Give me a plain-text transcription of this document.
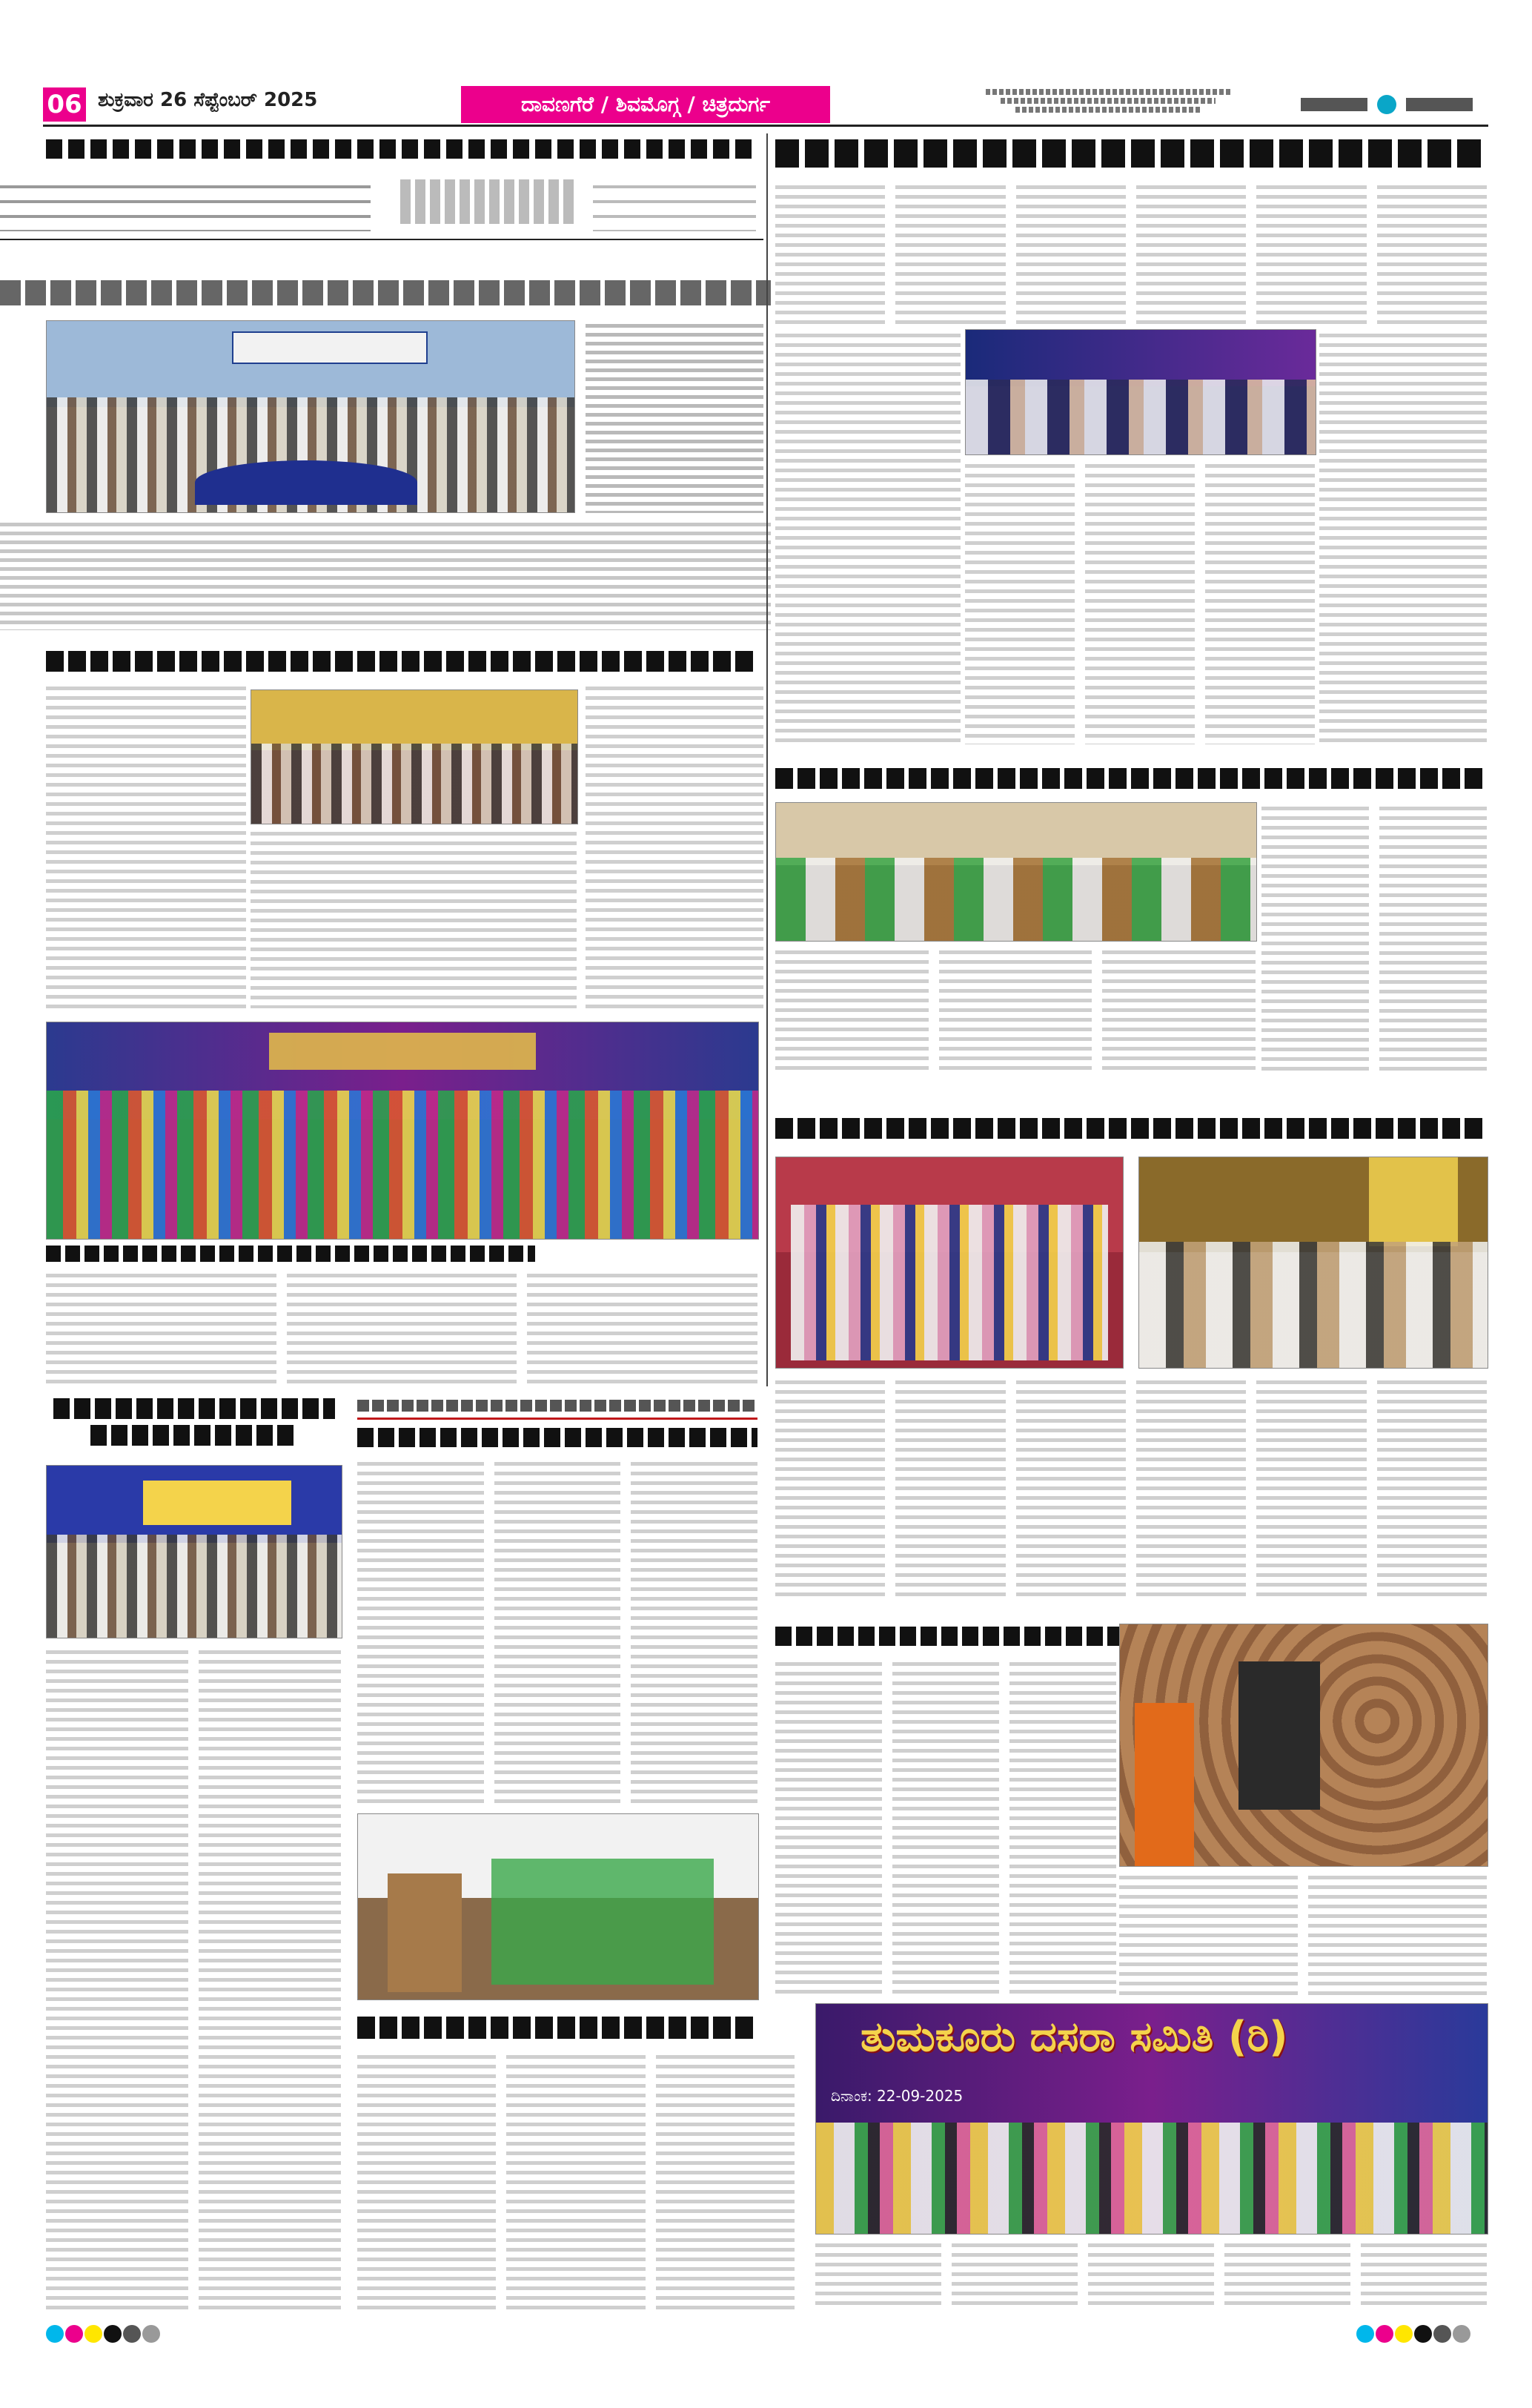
06 ಶುಕ್ರವಾರ 26 ಸೆಪ್ಟೆಂಬರ್ 2025	ದಾವಣಗೆರೆ / ಶಿವಮೊಗ್ಗ / ಚಿತ್ರದುರ್ಗ

ತುಮಕೂರು ದಸರಾ ಸಮಿತಿ (ರಿ)
ದಿನಾಂಕ: 22-09-2025
